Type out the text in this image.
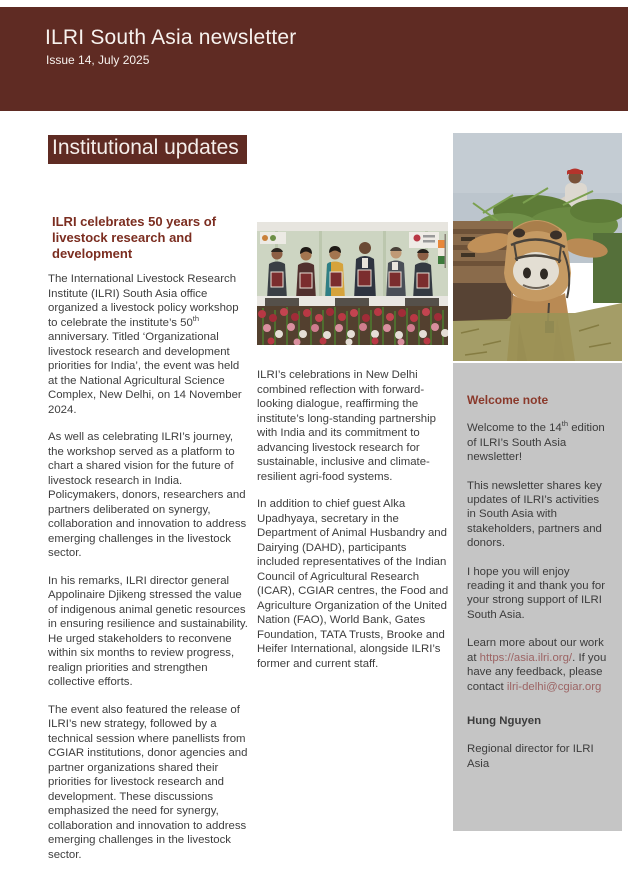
ILRI South Asia newsletter
Issue 14, July 2025
Institutional updates
ILRI celebrates 50 years of livestock research and development

The International Livestock Research Institute (ILRI) South Asia office organized a livestock policy workshop to celebrate the institute’s 50th anniversary. Titled ‘Organizational livestock research and development priorities for India’, the event was held at the National Agricultural Science Complex, New Delhi, on 14 November 2024.

As well as celebrating ILRI’s journey, the workshop served as a platform to chart a shared vision for the future of livestock research in India. Policymakers, donors, researchers and partners deliberated on synergy, collaboration and innovation to address emerging challenges in the livestock sector.

In his remarks, ILRI director general Appolinaire Djikeng stressed the value of indigenous animal genetic resources in ensuring resilience and sustainability. He urged stakeholders to reconvene within six months to review progress, realign priorities and strengthen collective efforts.

The event also featured the release of ILRI’s new strategy, followed by a technical session where panellists from CGIAR institutions, donor agencies and partner organizations shared their priorities for livestock research and development. These discussions emphasized the need for synergy, collaboration and innovation to address emerging challenges in the livestock sector.

ILRI’s celebrations in New Delhi combined reflection with forward-looking dialogue, reaffirming the institute’s long-standing partnership with India and its commitment to advancing livestock research for sustainable, inclusive and climate-resilient agri-food systems.

In addition to chief guest Alka Upadhyaya, secretary in the Department of Animal Husbandry and Dairying (DAHD), participants included representatives of the Indian Council of Agricultural Research (ICAR), CGIAR centres, the Food and Agriculture Organization of the United Nation (FAO), World Bank, Gates Foundation, TATA Trusts, Brooke and Heifer International, alongside ILRI’s former and current staff.

Welcome note

Welcome to the 14th edition of ILRI’s South Asia newsletter!

This newsletter shares key updates of ILRI’s activities in South Asia with stakeholders, partners and donors.

I hope you will enjoy reading it and thank you for your strong support of ILRI South Asia.

Learn more about our work at https://asia.ilri.org/. If you have any feedback, please contact ilri-delhi@cgiar.org

Hung Nguyen

Regional director for ILRI Asia
